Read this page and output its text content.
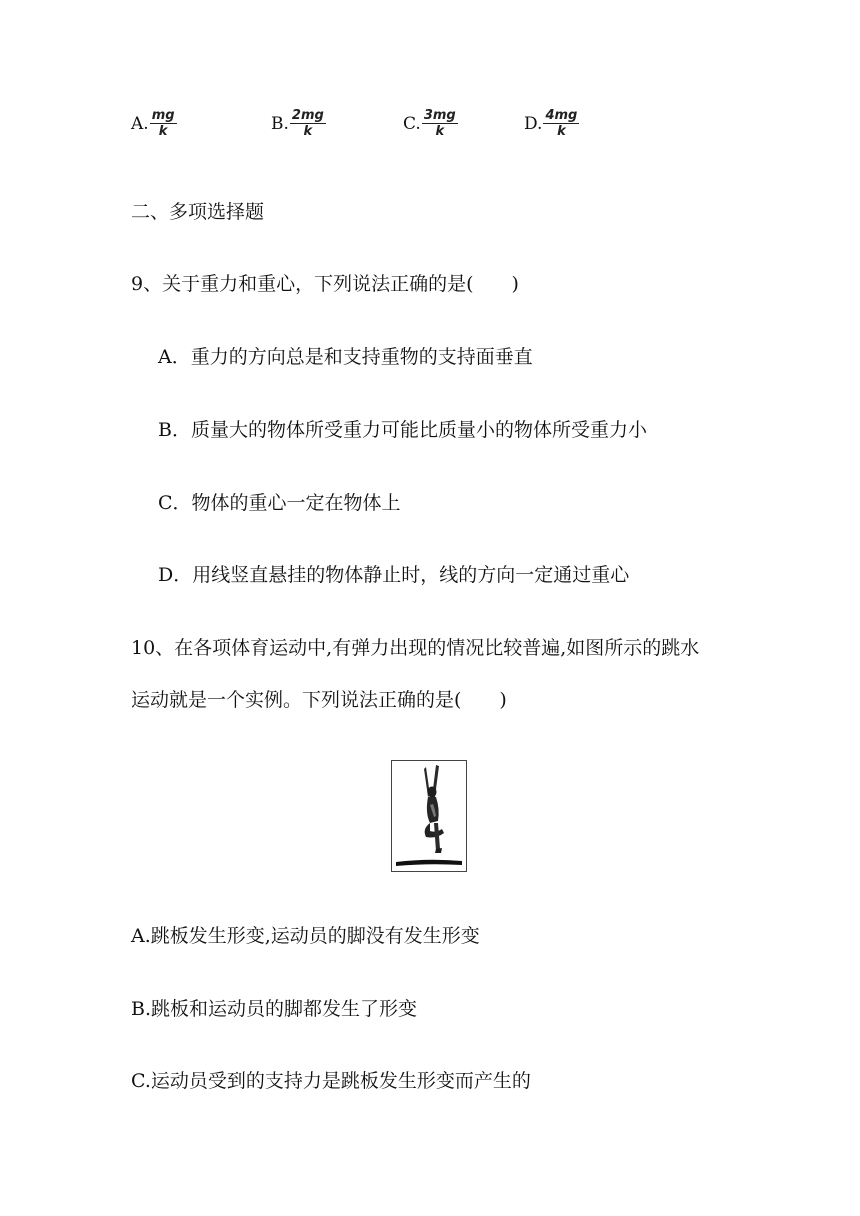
A. $\frac{mg}{k}$	B. $\frac{2mg}{k}$	C. $\frac{3mg}{k}$	D. $\frac{4mg}{k}$
二、多项选择题
9、关于重力和重心，下列说法正确的是(　　)
A．重力的方向总是和支持重物的支持面垂直
B．质量大的物体所受重力可能比质量小的物体所受重力小
C．物体的重心一定在物体上
D．用线竖直悬挂的物体静止时，线的方向一定通过重心
10、在各项体育运动中,有弹力出现的情况比较普遍,如图所示的跳水
运动就是一个实例。下列说法正确的是(　　)
A.跳板发生形变,运动员的脚没有发生形变
B.跳板和运动员的脚都发生了形变
C.运动员受到的支持力是跳板发生形变而产生的
